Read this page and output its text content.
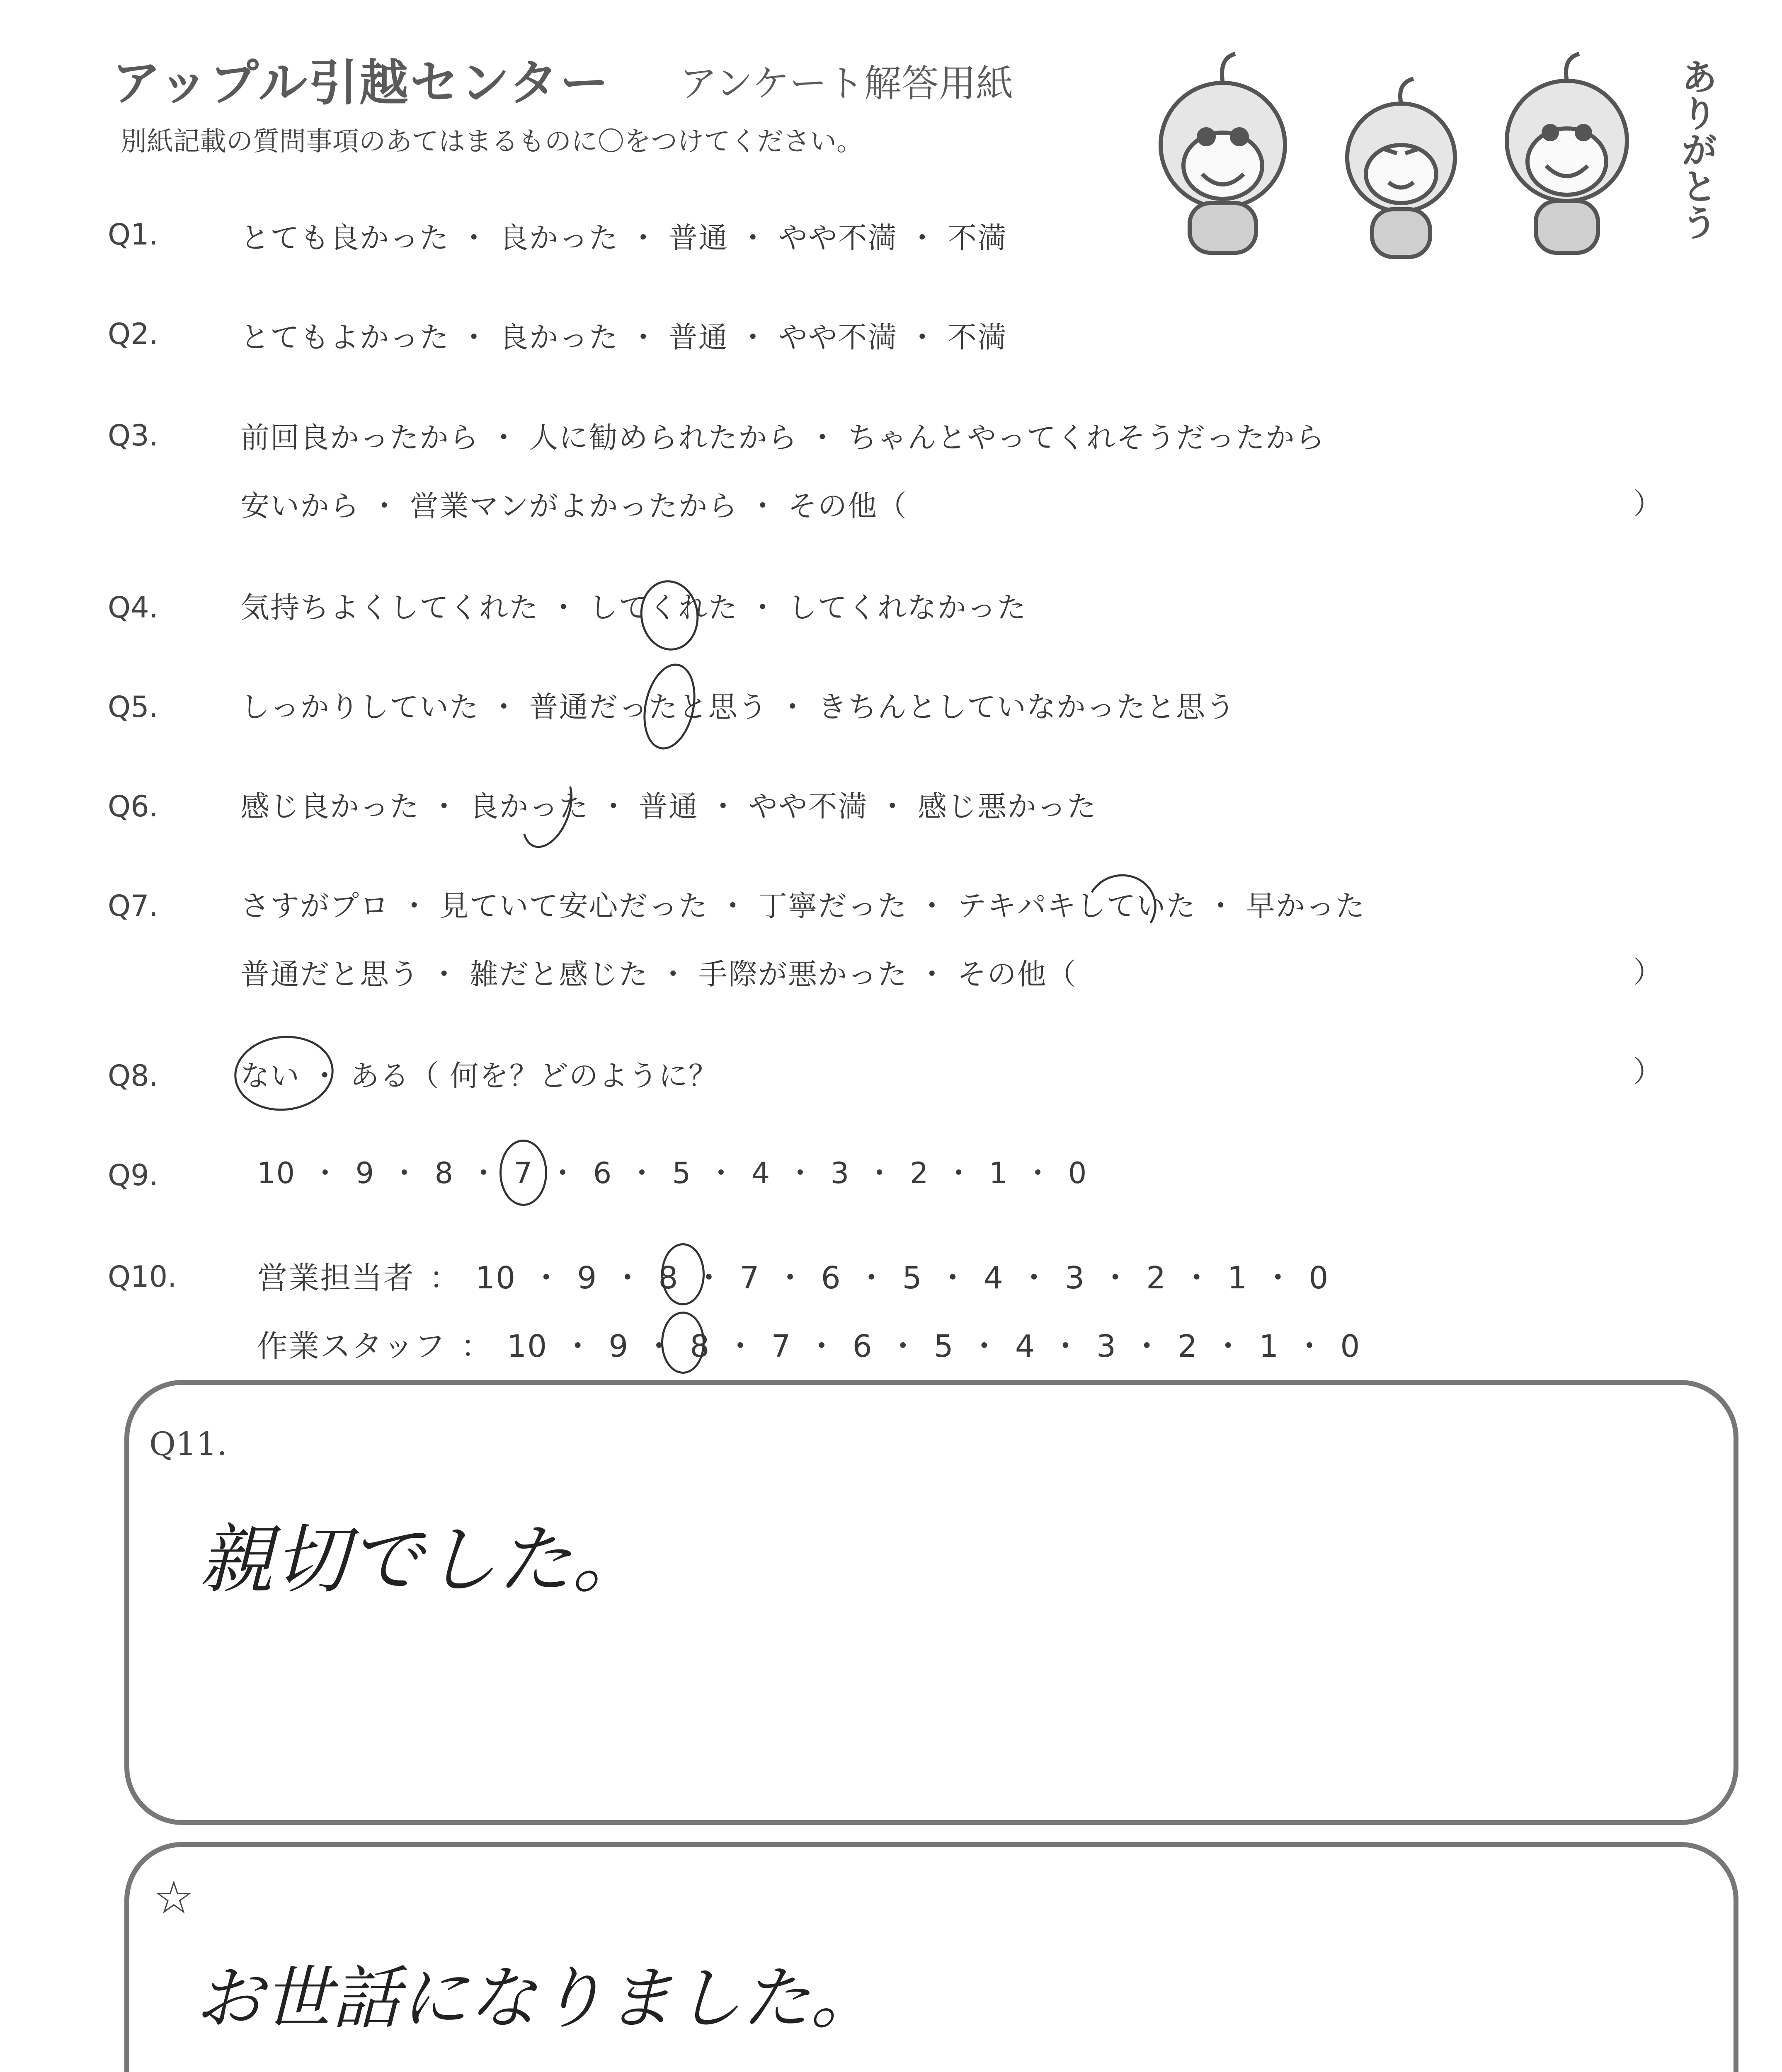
アップル引越センター アンケート解答用紙
別紙記載の質問事項のあてはまるものに〇をつけてください。	ありがとう
Q1.	とても良かった ・ 良かった ・ 普通 ・ やや不満 ・ 不満
Q2.	とてもよかった ・ 良かった ・ 普通 ・ やや不満 ・ 不満
Q3.	前回良かったから ・ 人に勧められたから ・ ちゃんとやってくれそうだったから
安いから ・ 営業マンがよかったから ・ その他（	）
Q4.	気持ちよくしてくれた ・ してくれた ・ してくれなかった
Q5.	しっかりしていた ・ 普通だったと思う ・ きちんとしていなかったと思う
Q6.	感じ良かった ・ 良かった ・ 普通 ・ やや不満 ・ 感じ悪かった
Q7.	さすがプロ ・ 見ていて安心だった ・ 丁寧だった ・ テキパキしていた ・ 早かった
普通だと思う ・ 雑だと感じた ・ 手際が悪かった ・ その他（	）
Q8.	ない ・ ある（ 何を？どのように？	）
Q9.	10 ・ 9 ・ 8 ・ 7 ・ 6 ・ 5 ・ 4 ・ 3 ・ 2 ・ 1 ・ 0
Q10.	営業担当者 ： 10 ・ 9 ・ 8 ・ 7 ・ 6 ・ 5 ・ 4 ・ 3 ・ 2 ・ 1 ・ 0
作業スタッフ ： 10 ・ 9 ・ 8 ・ 7 ・ 6 ・ 5 ・ 4 ・ 3 ・ 2 ・ 1 ・ 0
Q11.
親切でした。
☆
お世話になりました。
